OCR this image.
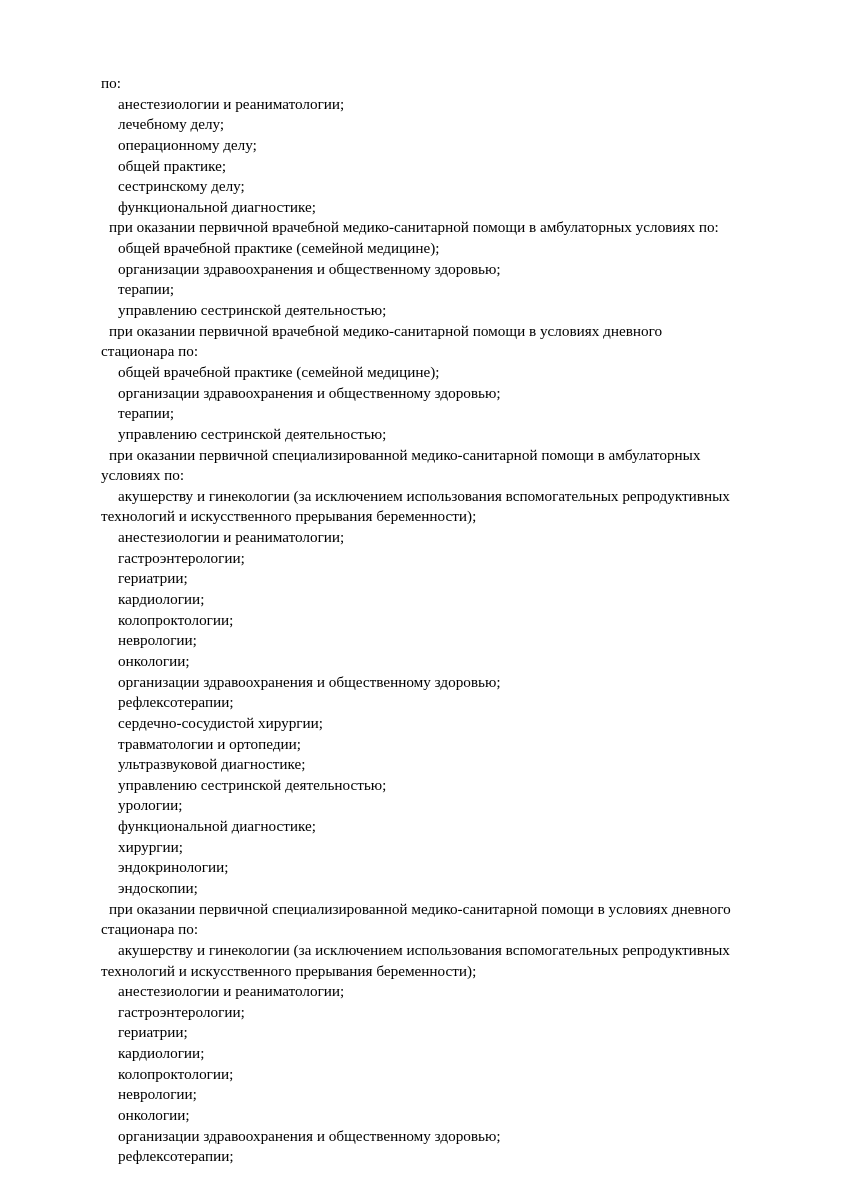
по:
анестезиологии и реаниматологии;
лечебному делу;
операционному делу;
общей практике;
сестринскому делу;
функциональной диагностике;
при оказании первичной врачебной медико-санитарной помощи в амбулаторных условиях по:
общей врачебной практике (семейной медицине);
организации здравоохранения и общественному здоровью;
терапии;
управлению сестринской деятельностью;
при оказании первичной врачебной медико-санитарной помощи в условиях дневного
стационара по:
общей врачебной практике (семейной медицине);
организации здравоохранения и общественному здоровью;
терапии;
управлению сестринской деятельностью;
при оказании первичной специализированной медико-санитарной помощи в амбулаторных
условиях по:
акушерству и гинекологии (за исключением использования вспомогательных репродуктивных
технологий и искусственного прерывания беременности);
анестезиологии и реаниматологии;
гастроэнтерологии;
гериатрии;
кардиологии;
колопроктологии;
неврологии;
онкологии;
организации здравоохранения и общественному здоровью;
рефлексотерапии;
сердечно-сосудистой хирургии;
травматологии и ортопедии;
ультразвуковой диагностике;
управлению сестринской деятельностью;
урологии;
функциональной диагностике;
хирургии;
эндокринологии;
эндоскопии;
при оказании первичной специализированной медико-санитарной помощи в условиях дневного
стационара по:
акушерству и гинекологии (за исключением использования вспомогательных репродуктивных
технологий и искусственного прерывания беременности);
анестезиологии и реаниматологии;
гастроэнтерологии;
гериатрии;
кардиологии;
колопроктологии;
неврологии;
онкологии;
организации здравоохранения и общественному здоровью;
рефлексотерапии;
